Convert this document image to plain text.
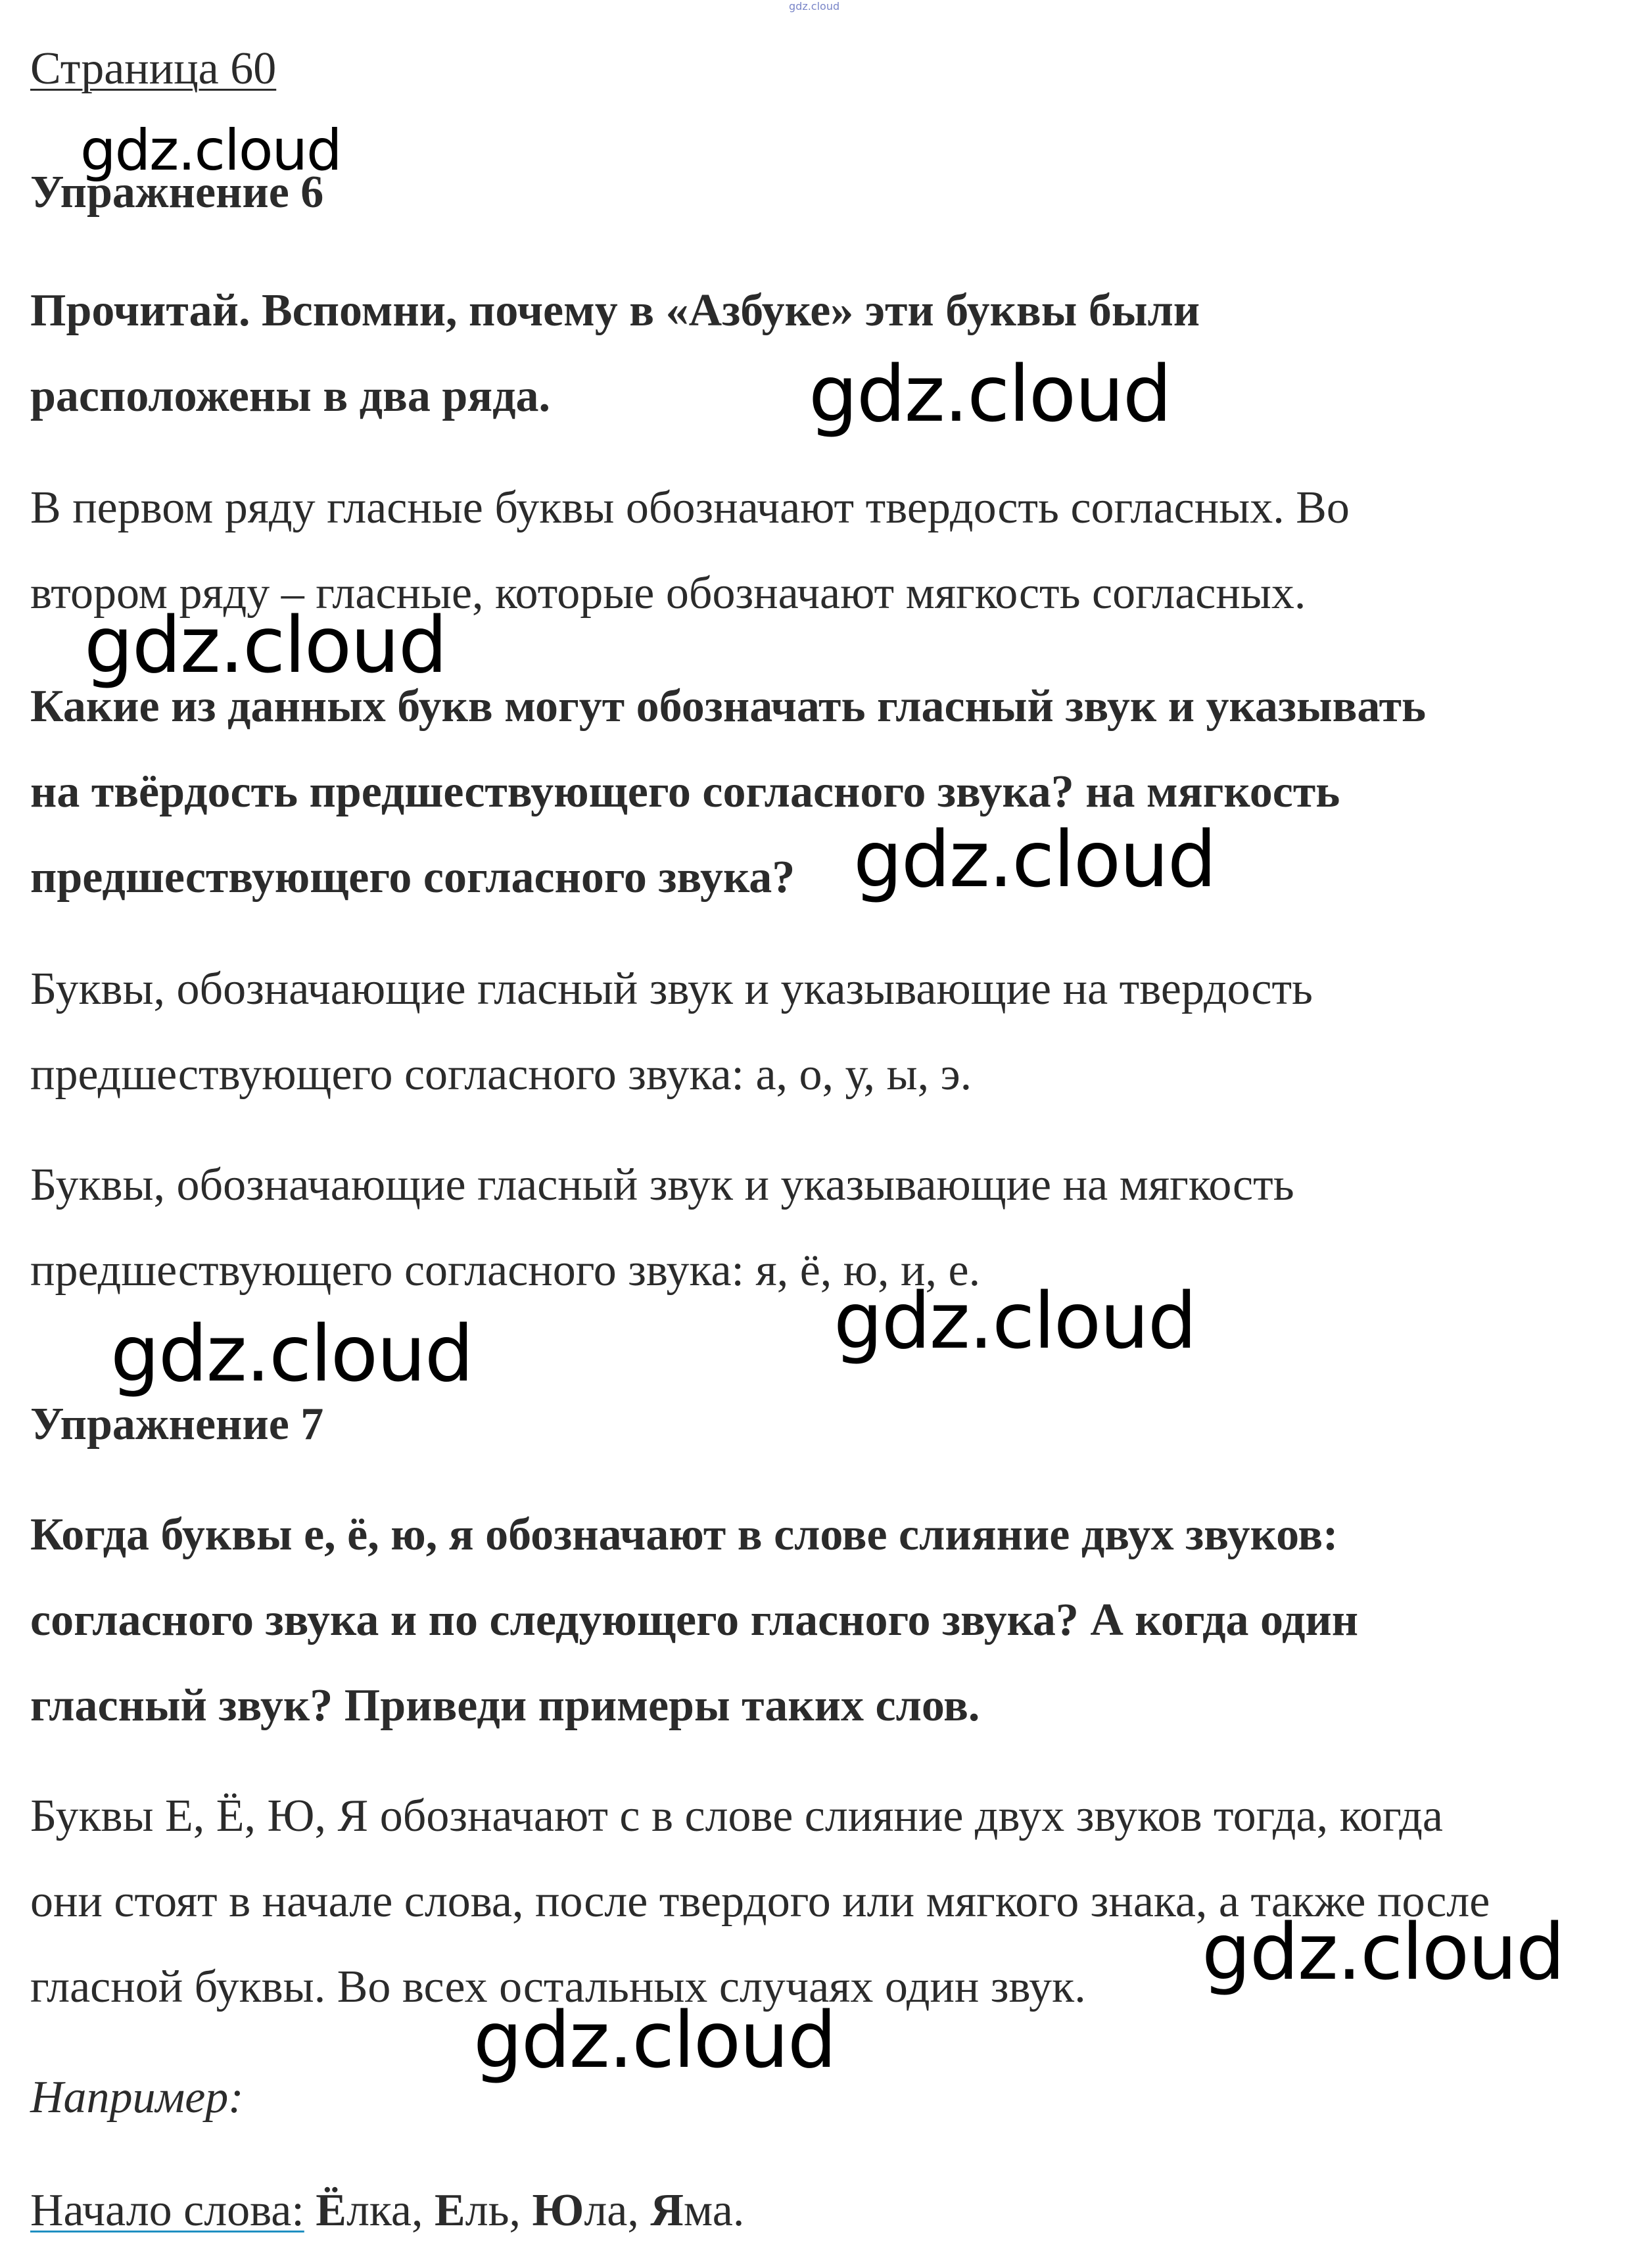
gdz.cloud
Страница 60
Упражнение 6
Прочитай. Вспомни, почему в «Азбуке» эти буквы были
расположены в два ряда.
В первом ряду гласные буквы обозначают твердость согласных. Во
втором ряду – гласные, которые обозначают мягкость согласных.
Какие из данных букв могут обозначать гласный звук и указывать
на твёрдость предшествующего согласного звука? на мягкость
предшествующего согласного звука?
Буквы, обозначающие гласный звук и указывающие на твердость
предшествующего согласного звука: а, о, у, ы, э.
Буквы, обозначающие гласный звук и указывающие на мягкость
предшествующего согласного звука: я, ё, ю, и, е.
Упражнение 7
Когда буквы е, ё, ю, я обозначают в слове слияние двух звуков:
согласного звука и по следующего гласного звука? А когда один
гласный звук? Приведи примеры таких слов.
Буквы Е, Ё, Ю, Я обозначают с в слове слияние двух звуков тогда, когда
они стоят в начале слова, после твердого или мягкого знака, а также после
гласной буквы. Во всех остальных случаях один звук.
Например:
Начало слова: Ёлка, Ель, Юла, Яма.
gdz.cloud
gdz.cloud
gdz.cloud
gdz.cloud
gdz.cloud
gdz.cloud
gdz.cloud
gdz.cloud
